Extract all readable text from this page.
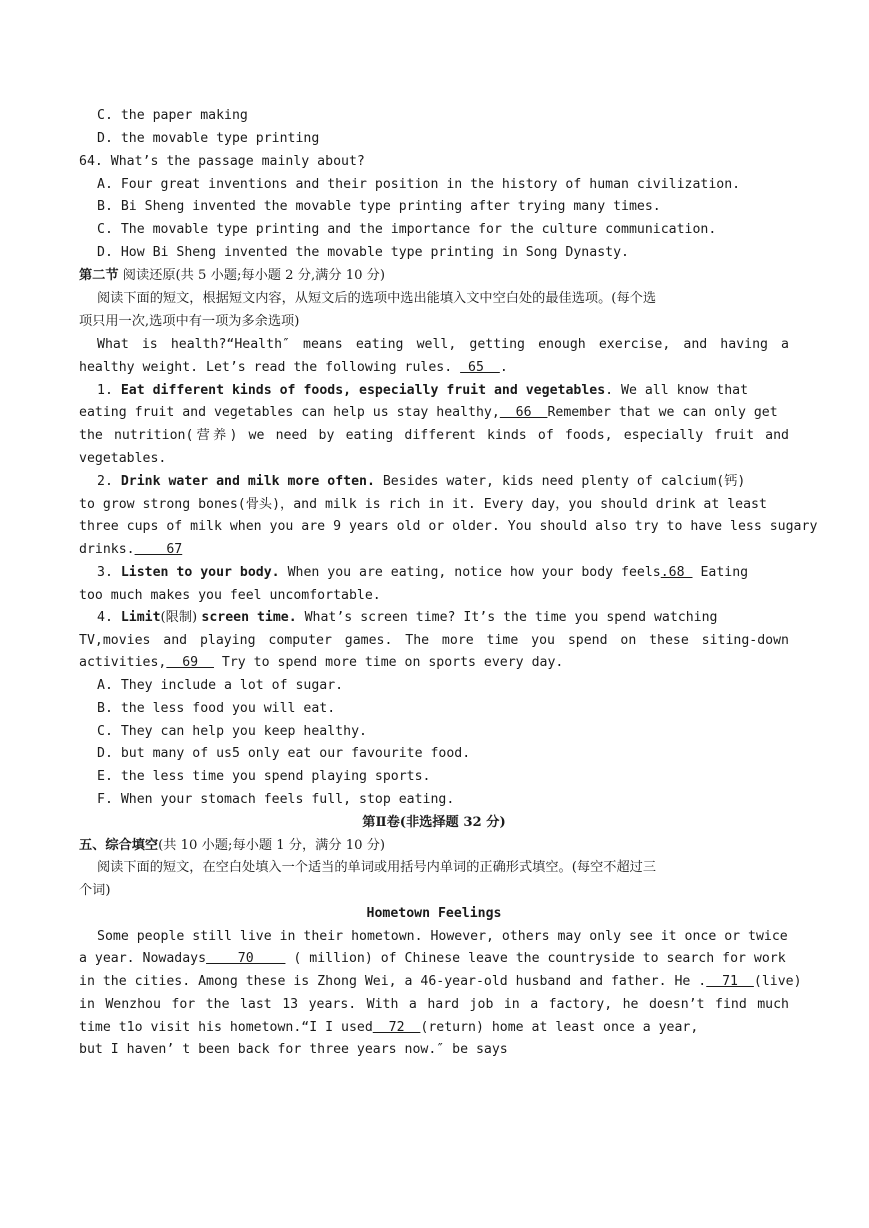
C. the paper making
D. the movable type printing
64. What’s the passage mainly about?
A. Four great inventions and their position in the history of human civilization.
B. Bi Sheng invented the movable type printing after trying many times.
C. The movable type printing and the importance for the culture communication.
D. How Bi Sheng invented the movable type printing in Song Dynasty.
第二节 阅读还原(共 5 小题;每小题 2 分,满分 10 分)
阅读下面的短文，根据短文内容，从短文后的选项中选出能填入文中空白处的最佳选项。(每个选
项只用一次,选项中有一项为多余选项)
What is health?“Health″ means eating well, getting enough exercise, and having a
healthy weight. Let’s read the following rules.  65  .
1. Eat different kinds of foods, especially fruit and vegetables. We all know that
eating fruit and vegetables can help us stay healthy,  66  Remember that we can only get
the nutrition(营养) we need by eating different kinds of foods, especially fruit and
vegetables.
2. Drink water and milk more often. Besides water, kids need plenty of calcium(钙)
to grow strong bones(骨头)，and milk is rich in it. Every day，you should drink at least
three cups of milk when you are 9 years old or older. You should also try to have less sugary
drinks.    67
3. Listen to your body. When you are eating, notice how your body feels.68  Eating
too much makes you feel uncomfortable.
4. Limit(限制) screen time. What’s screen time? It’s the time you spend watching
TV,movies and playing computer games. The more time you spend on these siting-down
activities,  69   Try to spend more time on sports every day.
A. They include a lot of sugar.
B. the less food you will eat.
C. They can help you keep healthy.
D. but many of us5 only eat our favourite food.
E. the less time you spend playing sports.
F. When your stomach feels full, stop eating.
第Ⅱ卷(非选择题 32 分)
五、综合填空(共 10 小题;每小题 1 分，满分 10 分)
阅读下面的短文，在空白处填入一个适当的单词或用括号内单词的正确形式填空。(每空不超过三
个词)
Hometown Feelings
Some people still live in their hometown. However, others may only see it once or twice
a year. Nowadays    70     ( million) of Chinese leave the countryside to search for work
in the cities. Among these is Zhong Wei, a 46-year-old husband and father. He .  71  (live)
in Wenzhou for the last 13 years. With a hard job in a factory, he doesn’t find much
time t1o visit his hometown.“I I used  72  (return) home at least once a year,
but I haven’ t been back for three years now.″ be says
